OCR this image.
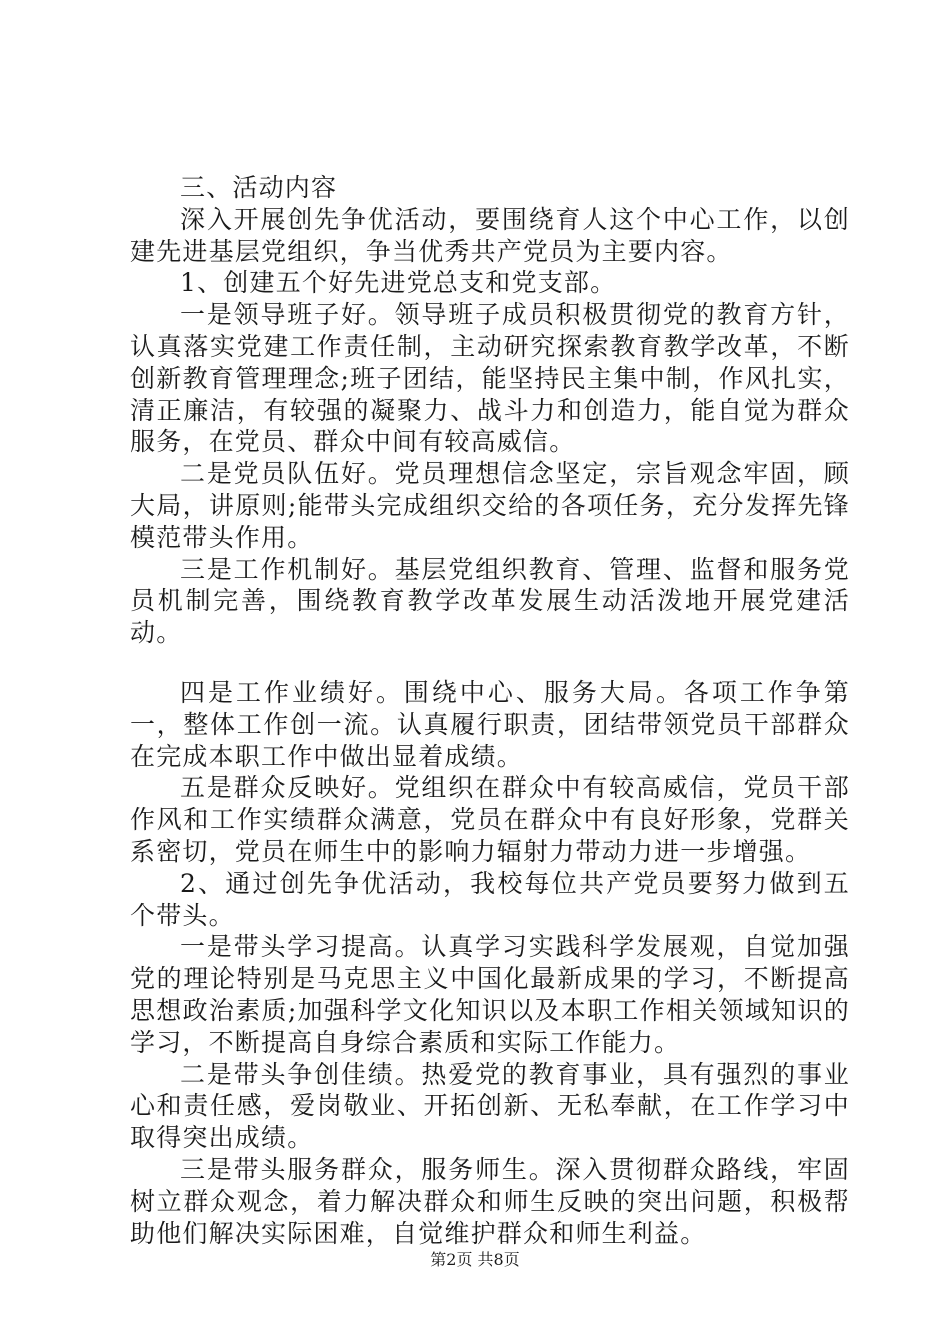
三、活动内容

深入开展创先争优活动，要围绕育人这个中心工作，以创建先进基层党组织，争当优秀共产党员为主要内容。

1、创建五个好先进党总支和党支部。

一是领导班子好。领导班子成员积极贯彻党的教育方针，认真落实党建工作责任制，主动研究探索教育教学改革，不断创新教育管理理念;班子团结，能坚持民主集中制，作风扎实，清正廉洁，有较强的凝聚力、战斗力和创造力，能自觉为群众服务，在党员、群众中间有较高威信。

二是党员队伍好。党员理想信念坚定，宗旨观念牢固，顾大局，讲原则;能带头完成组织交给的各项任务，充分发挥先锋模范带头作用。

三是工作机制好。基层党组织教育、管理、监督和服务党员机制完善，围绕教育教学改革发展生动活泼地开展党建活动。

四是工作业绩好。围绕中心、服务大局。各项工作争第一，整体工作创一流。认真履行职责，团结带领党员干部群众在完成本职工作中做出显着成绩。

五是群众反映好。党组织在群众中有较高威信，党员干部作风和工作实绩群众满意，党员在群众中有良好形象，党群关系密切，党员在师生中的影响力辐射力带动力进一步增强。

2、通过创先争优活动，我校每位共产党员要努力做到五个带头。

一是带头学习提高。认真学习实践科学发展观，自觉加强党的理论特别是马克思主义中国化最新成果的学习，不断提高思想政治素质;加强科学文化知识以及本职工作相关领域知识的学习，不断提高自身综合素质和实际工作能力。

二是带头争创佳绩。热爱党的教育事业，具有强烈的事业心和责任感，爱岗敬业、开拓创新、无私奉献，在工作学习中取得突出成绩。

三是带头服务群众，服务师生。深入贯彻群众路线，牢固树立群众观念，着力解决群众和师生反映的突出问题，积极帮助他们解决实际困难，自觉维护群众和师生利益。

第2页 共8页
